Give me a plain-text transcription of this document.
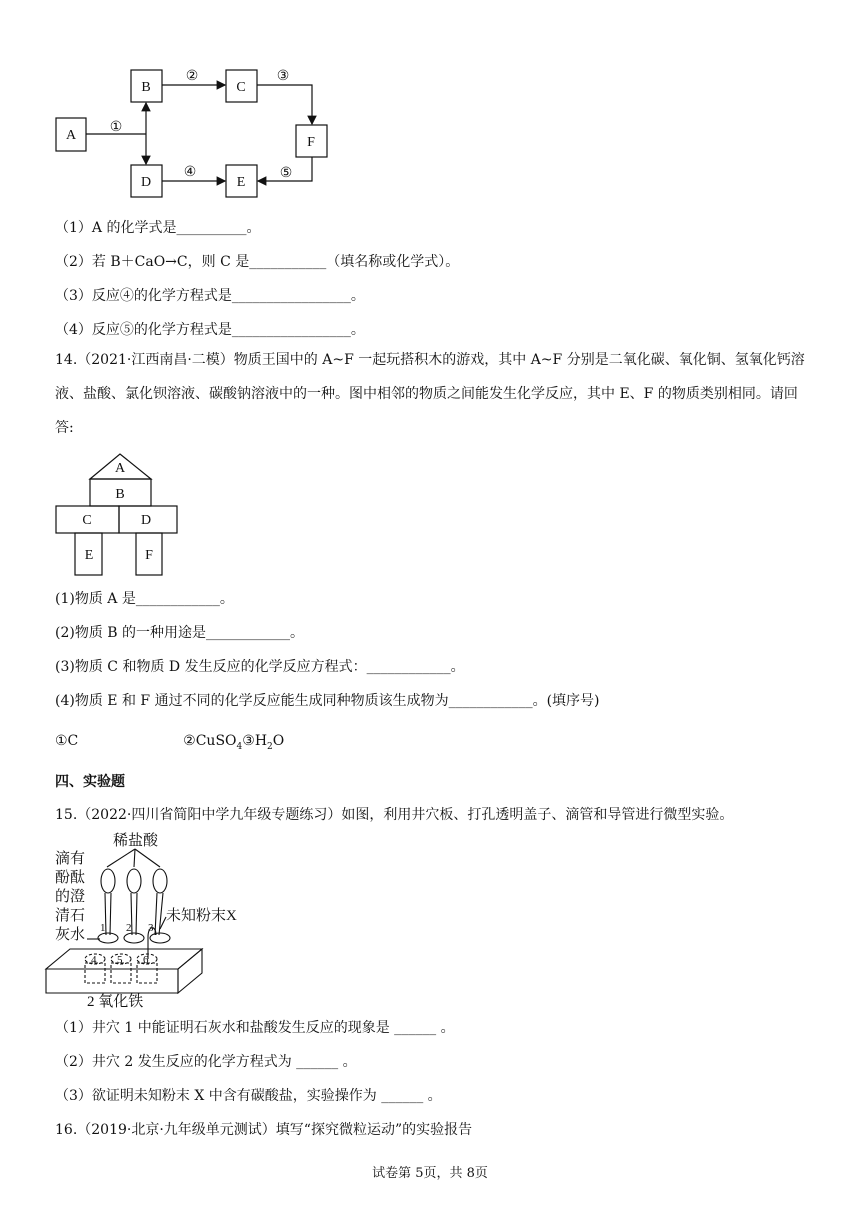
A
B	C
F
D	E
①
②	③
④	⑤
（1）A 的化学式是__________。
（2）若 B＋CaO→C，则 C 是___________（填名称或化学式）。
（3）反应④的化学方程式是_________________。
（4）反应⑤的化学方程式是_________________。
14.（2021·江西南昌·二模）物质王国中的 A~F 一起玩搭积木的游戏，其中 A~F 分别是二氧化碳、氧化铜、氢氧化钙溶液、盐酸、氯化钡溶液、碳酸钠溶液中的一种。图中相邻的物质之间能发生化学反应，其中 E、F 的物质类别相同。请回答:
A
B
C	D
E	F
(1)物质 A 是____________。
(2)物质 B 的一种用途是____________。
(3)物质 C 和物质 D 发生反应的化学反应方程式：____________。
(4)物质 E 和 F 通过不同的化学反应能生成同种物质该生成物为____________。(填序号)
①C	$②CuSO_4③H_2O$
四、实验题
15.（2022·四川省简阳中学九年级专题练习）如图，利用井穴板、打孔透明盖子、滴管和导管进行微型实验。
稀盐酸
滴有
酚酞
的澄
清石
灰水
未知粉末X
2 氧化铁
1 2 3
4 5 6
（1）井穴 1 中能证明石灰水和盐酸发生反应的现象是 ______ 。
（2）井穴 2 发生反应的化学方程式为 ______ 。
（3）欲证明未知粉末 X 中含有碳酸盐，实验操作为 ______ 。
16.（2019·北京·九年级单元测试）填写“探究微粒运动”的实验报告
试卷第 5页，共 8页
